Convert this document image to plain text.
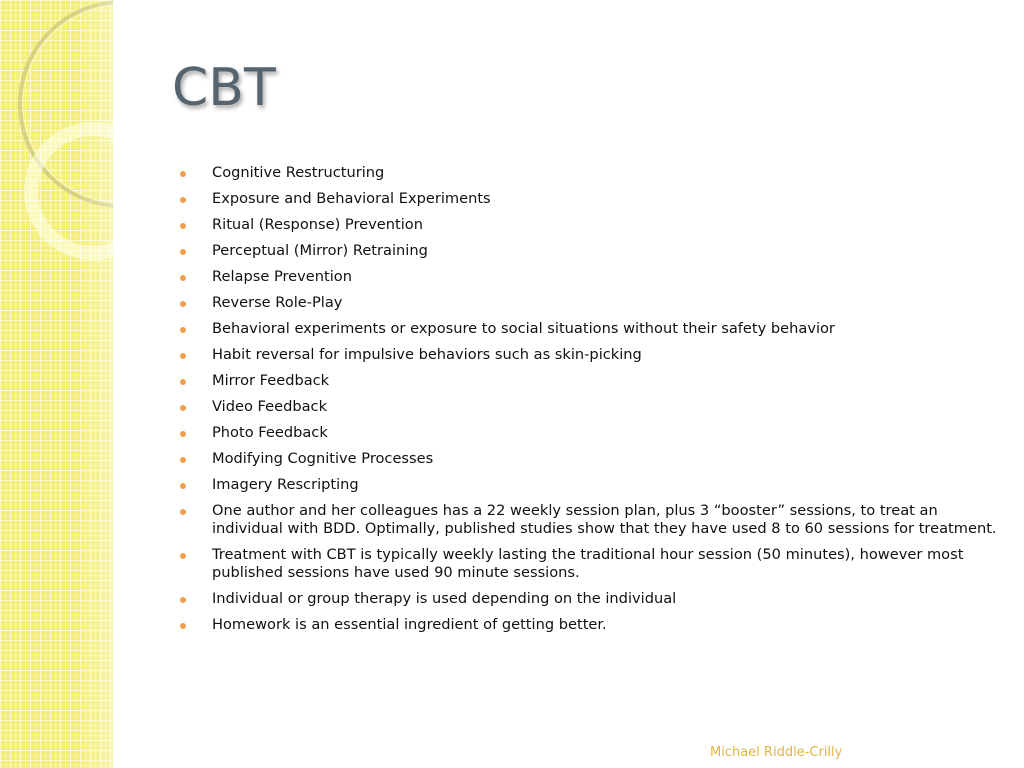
CBT
Cognitive Restructuring
Exposure and Behavioral Experiments
Ritual (Response) Prevention
Perceptual (Mirror) Retraining
Relapse Prevention
Reverse Role-Play
Behavioral experiments or exposure to social situations without their safety behavior
Habit reversal for impulsive behaviors such as skin-picking
Mirror Feedback
Video Feedback
Photo Feedback
Modifying Cognitive Processes
Imagery Rescripting
One author and her colleagues has a 22 weekly session plan, plus 3 “booster” sessions, to treat an individual with BDD. Optimally, published studies show that they have used 8 to 60 sessions for treatment.
Treatment with CBT is typically weekly lasting the traditional hour session (50 minutes), however most published sessions have used 90 minute sessions.
Individual or group therapy is used depending on the individual
Homework is an essential ingredient of getting better.
Michael Riddle-Crilly
